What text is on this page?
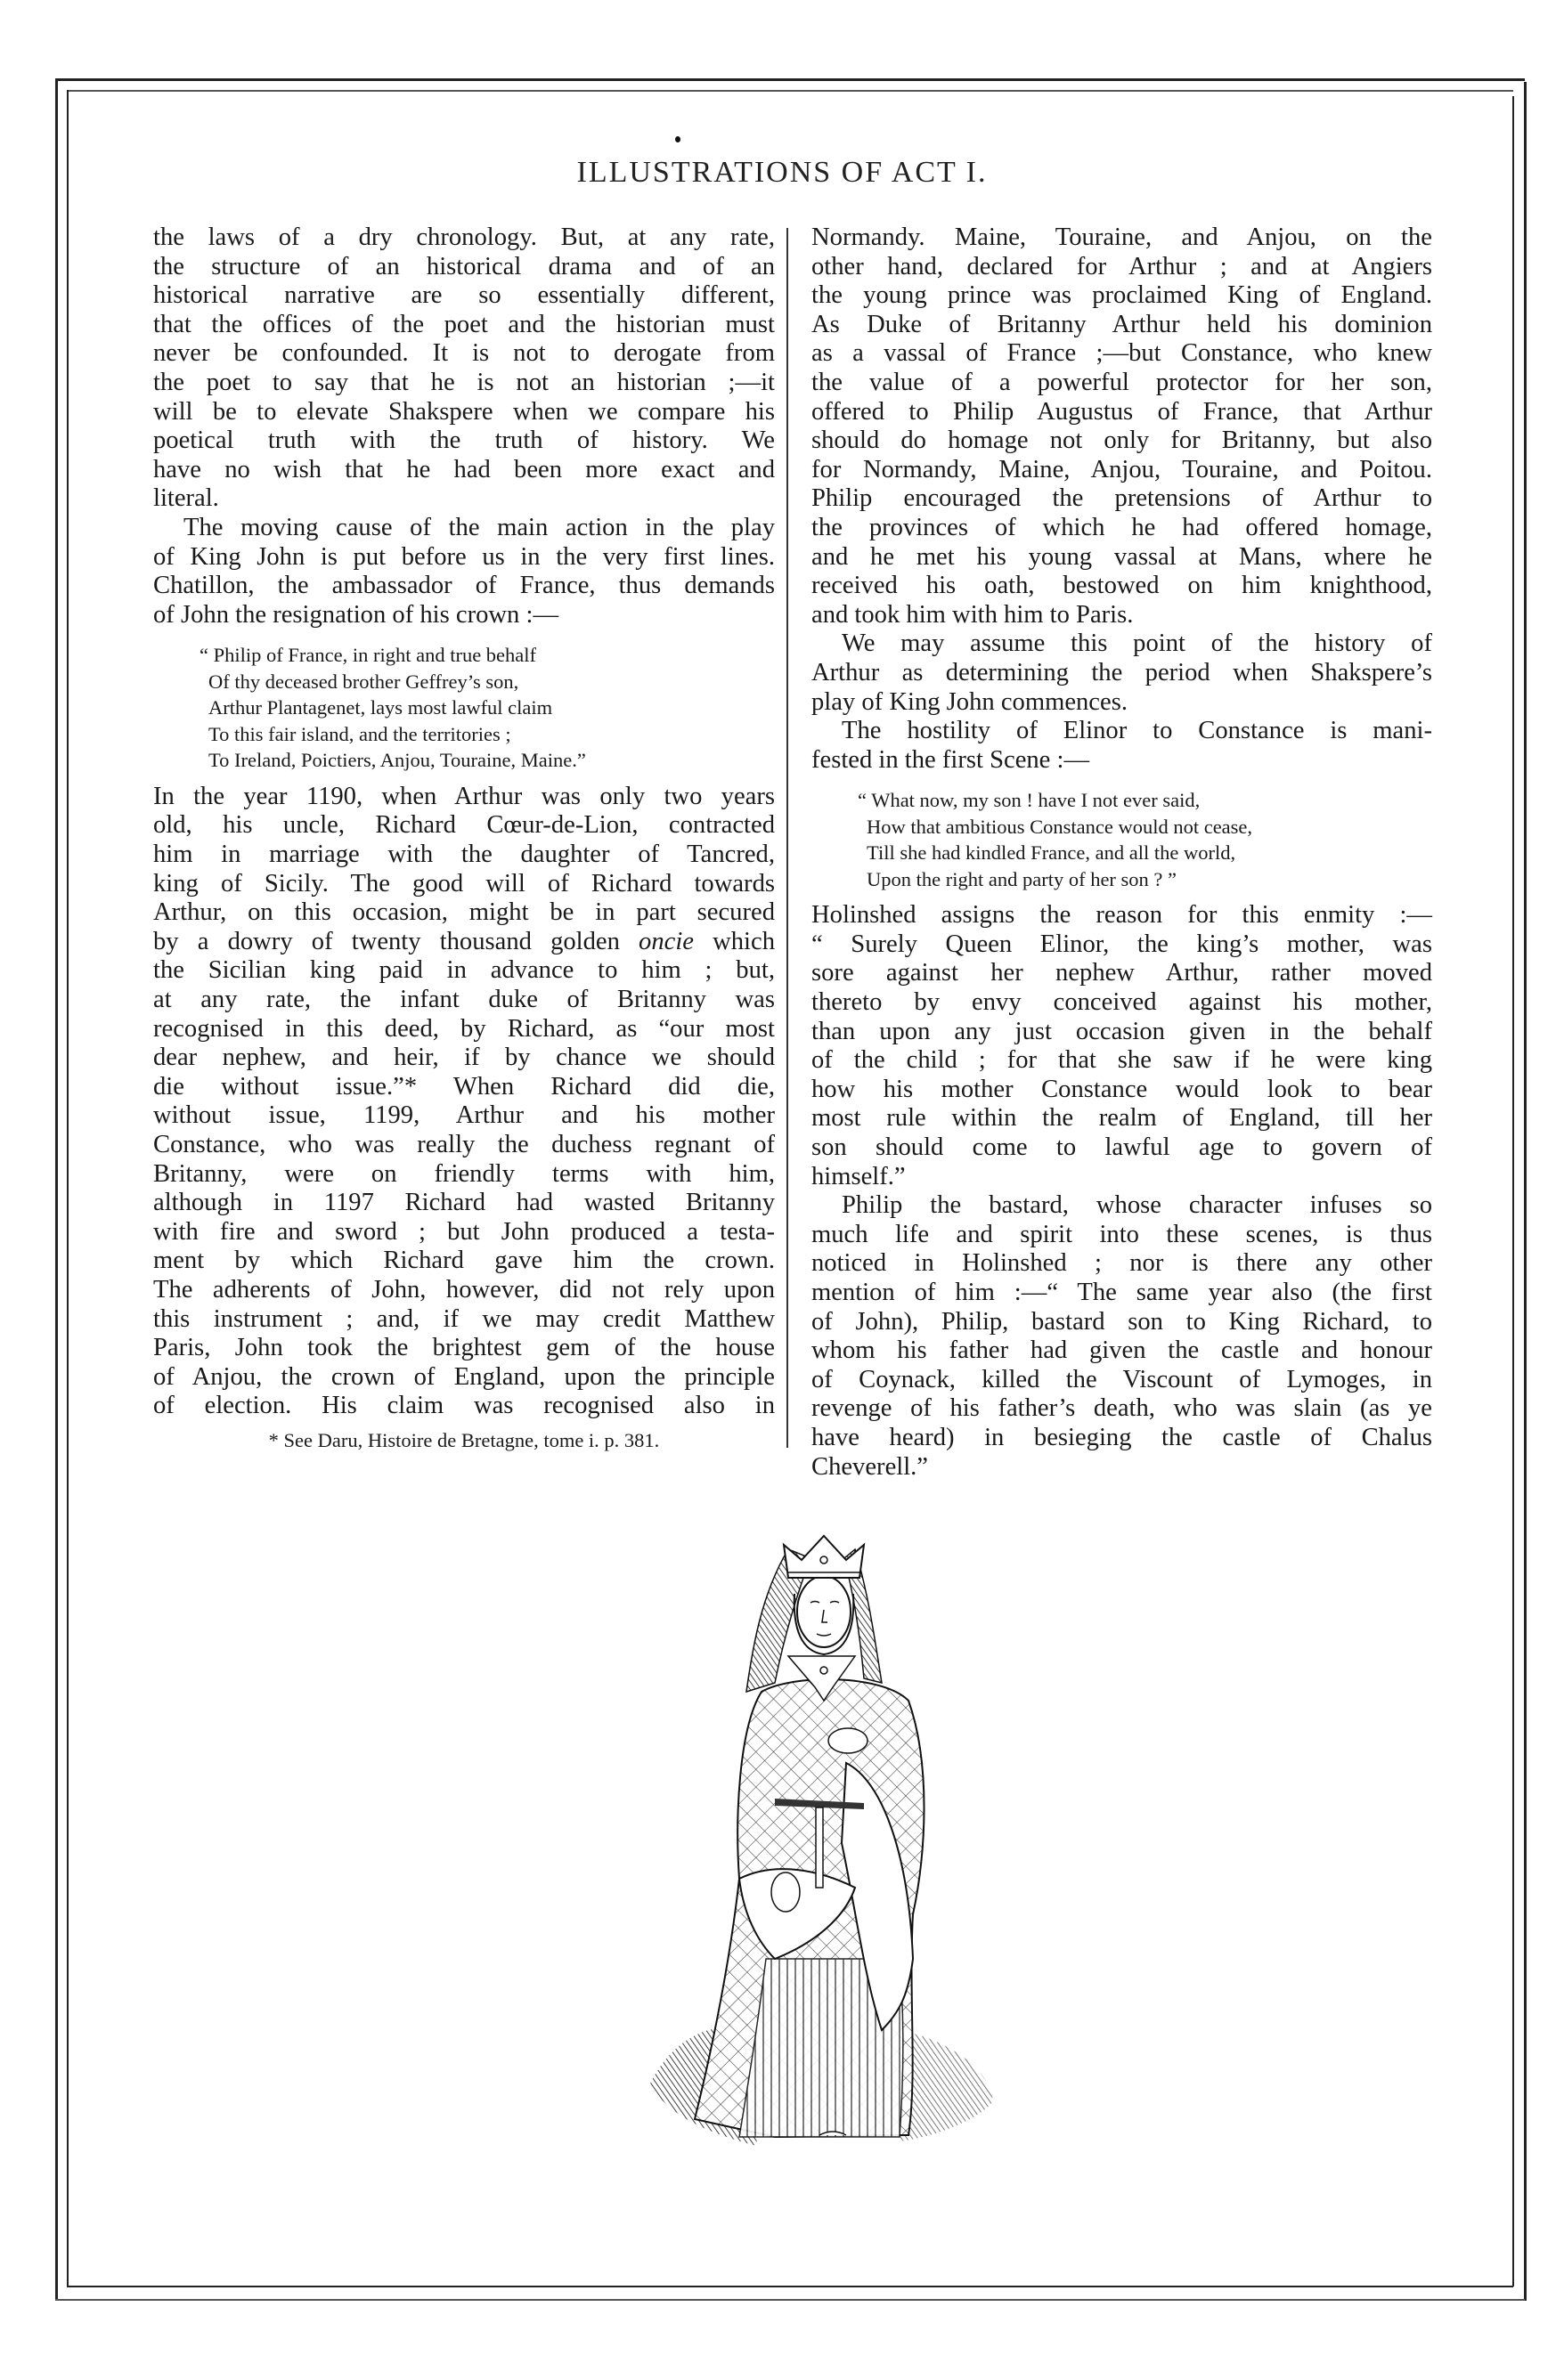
ILLUSTRATIONS OF ACT I.
the laws of a dry chronology. But, at any rate,
the structure of an historical drama and of an
historical narrative are so essentially different,
that the offices of the poet and the historian must
never be confounded. It is not to derogate from
the poet to say that he is not an historian ;—it
will be to elevate Shakspere when we compare his
poetical truth with the truth of history. We
have no wish that he had been more exact and
literal.
The moving cause of the main action in the play
of King John is put before us in the very first lines.
Chatillon, the ambassador of France, thus demands
of John the resignation of his crown :—
“ Philip of France, in right and true behalf
Of thy deceased brother Geffrey’s son,
Arthur Plantagenet, lays most lawful claim
To this fair island, and the territories ;
To Ireland, Poictiers, Anjou, Touraine, Maine.”
In the year 1190, when Arthur was only two years
old, his uncle, Richard Cœur-de-Lion, contracted
him in marriage with the daughter of Tancred,
king of Sicily. The good will of Richard towards
Arthur, on this occasion, might be in part secured
by a dowry of twenty thousand golden oncie which
the Sicilian king paid in advance to him ; but,
at any rate, the infant duke of Britanny was
recognised in this deed, by Richard, as “our most
dear nephew, and heir, if by chance we should
die without issue.”* When Richard did die,
without issue, 1199, Arthur and his mother
Constance, who was really the duchess regnant of
Britanny, were on friendly terms with him,
although in 1197 Richard had wasted Britanny
with fire and sword ; but John produced a testa-
ment by which Richard gave him the crown.
The adherents of John, however, did not rely upon
this instrument ; and, if we may credit Matthew
Paris, John took the brightest gem of the house
of Anjou, the crown of England, upon the principle
of election. His claim was recognised also in
* See Daru, Histoire de Bretagne, tome i. p. 381.
Normandy. Maine, Touraine, and Anjou, on the
other hand, declared for Arthur ; and at Angiers
the young prince was proclaimed King of England.
As Duke of Britanny Arthur held his dominion
as a vassal of France ;—but Constance, who knew
the value of a powerful protector for her son,
offered to Philip Augustus of France, that Arthur
should do homage not only for Britanny, but also
for Normandy, Maine, Anjou, Touraine, and Poitou.
Philip encouraged the pretensions of Arthur to
the provinces of which he had offered homage,
and he met his young vassal at Mans, where he
received his oath, bestowed on him knighthood,
and took him with him to Paris.
We may assume this point of the history of
Arthur as determining the period when Shakspere’s
play of King John commences.
The hostility of Elinor to Constance is mani-
fested in the first Scene :—
“ What now, my son ! have I not ever said,
How that ambitious Constance would not cease,
Till she had kindled France, and all the world,
Upon the right and party of her son ? ”
Holinshed assigns the reason for this enmity :—
“ Surely Queen Elinor, the king’s mother, was
sore against her nephew Arthur, rather moved
thereto by envy conceived against his mother,
than upon any just occasion given in the behalf
of the child ; for that she saw if he were king
how his mother Constance would look to bear
most rule within the realm of England, till her
son should come to lawful age to govern of
himself.”
Philip the bastard, whose character infuses so
much life and spirit into these scenes, is thus
noticed in Holinshed ; nor is there any other
mention of him :—“ The same year also (the first
of John), Philip, bastard son to King Richard, to
whom his father had given the castle and honour
of Coynack, killed the Viscount of Lymoges, in
revenge of his father’s death, who was slain (as ye
have heard) in besieging the castle of Chalus
Cheverell.”
